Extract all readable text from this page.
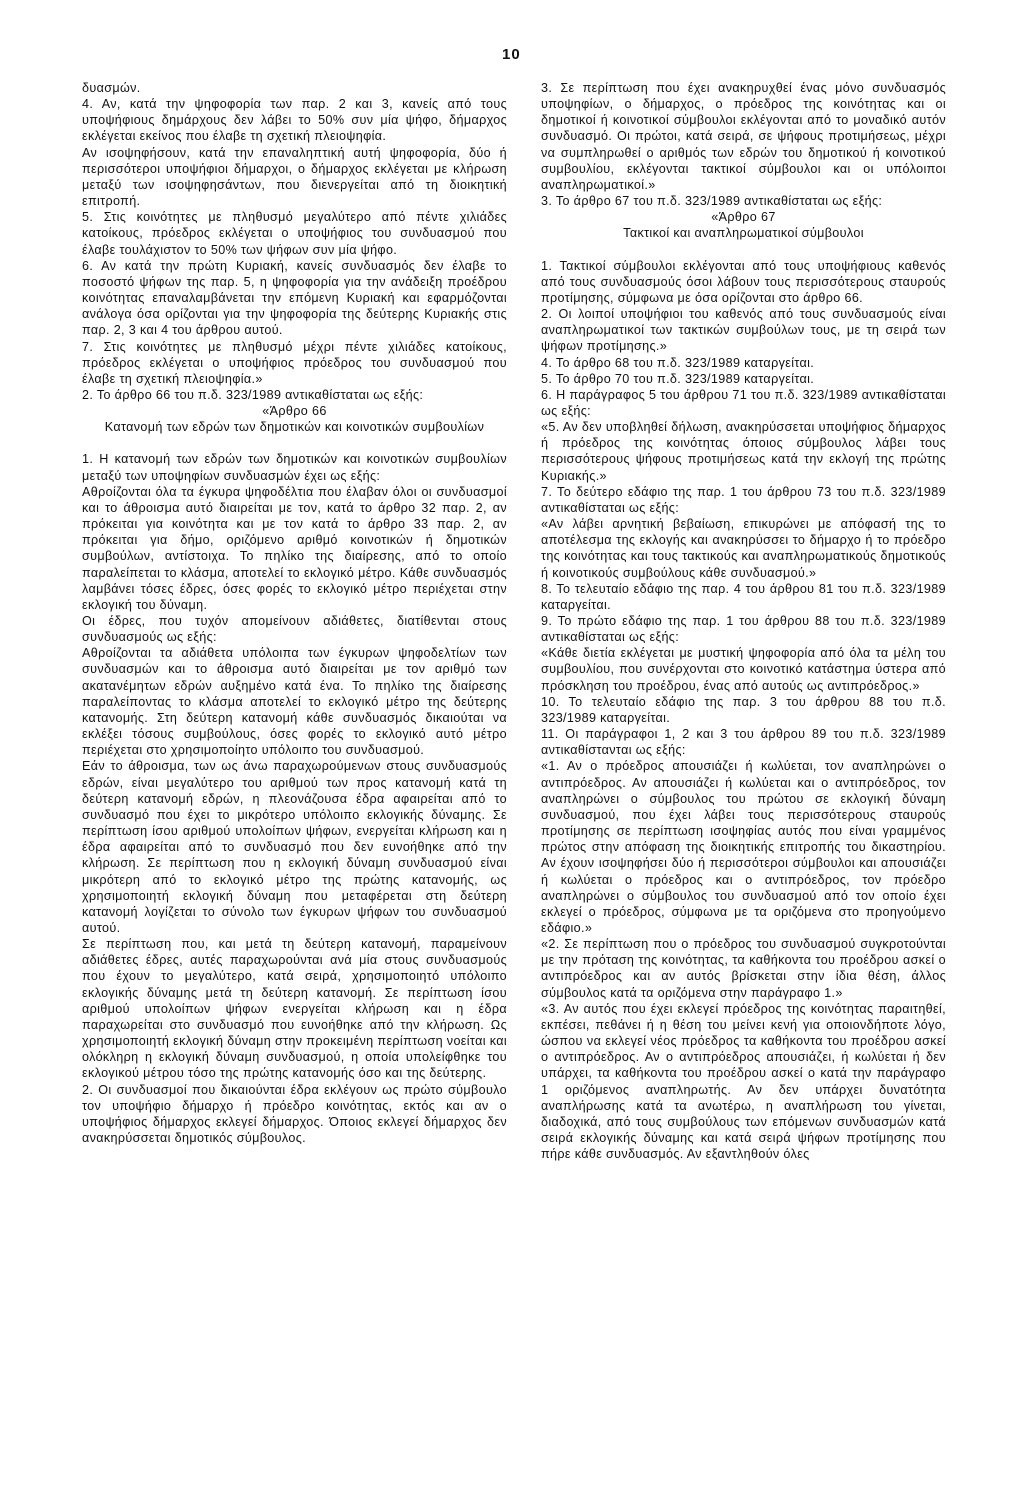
10

δυασμών.

4. Αν, κατά την ψηφοφορία των παρ. 2 και 3, κανείς από τους υποψήφιους δημάρχους δεν λάβει το 50% συν μία ψήφο, δήμαρχος εκλέγεται εκείνος που έλαβε τη σχετική πλειοψηφία.

Αν ισοψηφήσουν, κατά την επαναληπτική αυτή ψηφοφορία, δύο ή περισσότεροι υποψήφιοι δήμαρχοι, ο δήμαρχος εκλέγεται με κλήρωση μεταξύ των ισοψηφησάντων, που διενεργείται από τη διοικητική επιτροπή.

5. Στις κοινότητες με πληθυσμό μεγαλύτερο από πέντε χιλιάδες κατοίκους, πρόεδρος εκλέγεται ο υποψήφιος του συνδυασμού που έλαβε τουλάχιστον το 50% των ψήφων συν μία ψήφο.

6. Αν κατά την πρώτη Κυριακή, κανείς συνδυασμός δεν έλαβε το ποσοστό ψήφων της παρ. 5, η ψηφοφορία για την ανάδειξη προέδρου κοινότητας επαναλαμβάνεται την επόμενη Κυριακή και εφαρμόζονται ανάλογα όσα ορίζονται για την ψηφοφορία της δεύτερης Κυριακής στις παρ. 2, 3 και 4 του άρθρου αυτού.

7. Στις κοινότητες με πληθυσμό μέχρι πέντε χιλιάδες κατοίκους, πρόεδρος εκλέγεται ο υποψήφιος πρόεδρος του συνδυασμού που έλαβε τη σχετική πλειοψηφία.»

2. Το άρθρο 66 του π.δ. 323/1989 αντικαθίσταται ως εξής:

«Άρθρο 66

Κατανομή των εδρών των δημοτικών και κοινοτικών συμβουλίων

1. Η κατανομή των εδρών των δημοτικών και κοινοτικών συμβουλίων μεταξύ των υποψηφίων συνδυασμών έχει ως εξής:

Αθροίζονται όλα τα έγκυρα ψηφοδέλτια που έλαβαν όλοι οι συνδυασμοί και το άθροισμα αυτό διαιρείται με τον, κατά το άρθρο 32 παρ. 2, αν πρόκειται για κοινότητα και με τον κατά το άρθρο 33 παρ. 2, αν πρόκειται για δήμο, οριζόμενο αριθμό κοινοτικών ή δημοτικών συμβούλων, αντίστοιχα. Το πηλίκο της διαίρεσης, από το οποίο παραλείπεται το κλάσμα, αποτελεί το εκλογικό μέτρο. Κάθε συνδυασμός λαμβάνει τόσες έδρες, όσες φορές το εκλογικό μέτρο περιέχεται στην εκλογική του δύναμη.

Οι έδρες, που τυχόν απομείνουν αδιάθετες, διατίθενται στους συνδυασμούς ως εξής:

Αθροίζονται τα αδιάθετα υπόλοιπα των έγκυρων ψηφοδελτίων των συνδυασμών και το άθροισμα αυτό διαιρείται με τον αριθμό των ακατανέμητων εδρών αυξημένο κατά ένα. Το πηλίκο της διαίρεσης παραλείποντας το κλάσμα αποτελεί το εκλογικό μέτρο της δεύτερης κατανομής. Στη δεύτερη κατανομή κάθε συνδυασμός δικαιούται να εκλέξει τόσους συμβούλους, όσες φορές το εκλογικό αυτό μέτρο περιέχεται στο χρησιμοποίητο υπόλοιπο του συνδυασμού.

Εάν το άθροισμα, των ως άνω παραχωρούμενων στους συνδυασμούς εδρών, είναι μεγαλύτερο του αριθμού των προς κατανομή κατά τη δεύτερη κατανομή εδρών, η πλεονάζουσα έδρα αφαιρείται από το συνδυασμό που έχει το μικρότερο υπόλοιπο εκλογικής δύναμης. Σε περίπτωση ίσου αριθμού υπολοίπων ψήφων, ενεργείται κλήρωση και η έδρα αφαιρείται από το συνδυασμό που δεν ευνοήθηκε από την κλήρωση. Σε περίπτωση που η εκλογική δύναμη συνδυασμού είναι μικρότερη από το εκλογικό μέτρο της πρώτης κατανομής, ως χρησιμοποιητή εκλογική δύναμη που μεταφέρεται στη δεύτερη κατανομή λογίζεται το σύνολο των έγκυρων ψήφων του συνδυασμού αυτού.

Σε περίπτωση που, και μετά τη δεύτερη κατανομή, παραμείνουν αδιάθετες έδρες, αυτές παραχωρούνται ανά μία στους συνδυασμούς που έχουν το μεγαλύτερο, κατά σειρά, χρησιμοποιητό υπόλοιπο εκλογικής δύναμης μετά τη δεύτερη κατανομή. Σε περίπτωση ίσου αριθμού υπολοίπων ψήφων ενεργείται κλήρωση και η έδρα παραχωρείται στο συνδυασμό που ευνοήθηκε από την κλήρωση. Ως χρησιμοποιητή εκλογική δύναμη στην προκειμένη περίπτωση νοείται και ολόκληρη η εκλογική δύναμη συνδυασμού, η οποία υπολείφθηκε του εκλογικού μέτρου τόσο της πρώτης κατανομής όσο και της δεύτερης.

2. Οι συνδυασμοί που δικαιούνται έδρα εκλέγουν ως πρώτο σύμβουλο τον υποψήφιο δήμαρχο ή πρόεδρο κοινότητας, εκτός και αν ο υποψήφιος δήμαρχος εκλεγεί δήμαρχος. Όποιος εκλεγεί δήμαρχος δεν ανακηρύσσεται δημοτικός σύμβουλος.

3. Σε περίπτωση που έχει ανακηρυχθεί ένας μόνο συνδυασμός υποψηφίων, ο δήμαρχος, ο πρόεδρος της κοινότητας και οι δημοτικοί ή κοινοτικοί σύμβουλοι εκλέγονται από το μοναδικό αυτόν συνδυασμό. Οι πρώτοι, κατά σειρά, σε ψήφους προτιμήσεως, μέχρι να συμπληρωθεί ο αριθμός των εδρών του δημοτικού ή κοινοτικού συμβουλίου, εκλέγονται τακτικοί σύμβουλοι και οι υπόλοιποι αναπληρωματικοί.»

3. Το άρθρο 67 του π.δ. 323/1989 αντικαθίσταται ως εξής:

«Άρθρο 67

Τακτικοί και αναπληρωματικοί σύμβουλοι

1. Τακτικοί σύμβουλοι εκλέγονται από τους υποψήφιους καθενός από τους συνδυασμούς όσοι λάβουν τους περισσότερους σταυρούς προτίμησης, σύμφωνα με όσα ορίζονται στο άρθρο 66.

2. Οι λοιποί υποψήφιοι του καθενός από τους συνδυασμούς είναι αναπληρωματικοί των τακτικών συμβούλων τους, με τη σειρά των ψήφων προτίμησης.»

4. Το άρθρο 68 του π.δ. 323/1989 καταργείται.

5. Το άρθρο 70 του π.δ. 323/1989 καταργείται.

6. Η παράγραφος 5 του άρθρου 71 του π.δ. 323/1989 αντικαθίσταται ως εξής:

«5. Αν δεν υποβληθεί δήλωση, ανακηρύσσεται υποψήφιος δήμαρχος ή πρόεδρος της κοινότητας όποιος σύμβουλος λάβει τους περισσότερους ψήφους προτιμήσεως κατά την εκλογή της πρώτης Κυριακής.»

7. Το δεύτερο εδάφιο της παρ. 1 του άρθρου 73 του π.δ. 323/1989 αντικαθίσταται ως εξής:

«Αν λάβει αρνητική βεβαίωση, επικυρώνει με απόφασή της το αποτέλεσμα της εκλογής και ανακηρύσσει το δήμαρχο ή το πρόεδρο της κοινότητας και τους τακτικούς και αναπληρωματικούς δημοτικούς ή κοινοτικούς συμβούλους κάθε συνδυασμού.»

8. Το τελευταίο εδάφιο της παρ. 4 του άρθρου 81 του π.δ. 323/1989 καταργείται.

9. Το πρώτο εδάφιο της παρ. 1 του άρθρου 88 του π.δ. 323/1989 αντικαθίσταται ως εξής:

«Κάθε διετία εκλέγεται με μυστική ψηφοφορία από όλα τα μέλη του συμβουλίου, που συνέρχονται στο κοινοτικό κατάστημα ύστερα από πρόσκληση του προέδρου, ένας από αυτούς ως αντιπρόεδρος.»

10. Το τελευταίο εδάφιο της παρ. 3 του άρθρου 88 του π.δ. 323/1989 καταργείται.

11. Οι παράγραφοι 1, 2 και 3 του άρθρου 89 του π.δ. 323/1989 αντικαθίστανται ως εξής:

«1. Αν ο πρόεδρος απουσιάζει ή κωλύεται, τον αναπληρώνει ο αντιπρόεδρος. Αν απουσιάζει ή κωλύεται και ο αντιπρόεδρος, τον αναπληρώνει ο σύμβουλος του πρώτου σε εκλογική δύναμη συνδυασμού, που έχει λάβει τους περισσότερους σταυρούς προτίμησης σε περίπτωση ισοψηφίας αυτός που είναι γραμμένος πρώτος στην απόφαση της διοικητικής επιτροπής του δικαστηρίου. Αν έχουν ισοψηφήσει δύο ή περισσότεροι σύμβουλοι και απουσιάζει ή κωλύεται ο πρόεδρος και ο αντιπρόεδρος, τον πρόεδρο αναπληρώνει ο σύμβουλος του συνδυασμού από τον οποίο έχει εκλεγεί ο πρόεδρος, σύμφωνα με τα οριζόμενα στο προηγούμενο εδάφιο.»

«2. Σε περίπτωση που ο πρόεδρος του συνδυασμού συγκροτούνται με την πρόταση της κοινότητας, τα καθήκοντα του προέδρου ασκεί ο αντιπρόεδρος και αν αυτός βρίσκεται στην ίδια θέση, άλλος σύμβουλος κατά τα οριζόμενα στην παράγραφο 1.»

«3. Αν αυτός που έχει εκλεγεί πρόεδρος της κοινότητας παραιτηθεί, εκπέσει, πεθάνει ή η θέση του μείνει κενή για οποιονδήποτε λόγο, ώσπου να εκλεγεί νέος πρόεδρος τα καθήκοντα του προέδρου ασκεί ο αντιπρόεδρος. Αν ο αντιπρόεδρος απουσιάζει, ή κωλύεται ή δεν υπάρχει, τα καθήκοντα του προέδρου ασκεί ο κατά την παράγραφο 1 οριζόμενος αναπληρωτής. Αν δεν υπάρχει δυνατότητα αναπλήρωσης κατά τα ανωτέρω, η αναπλήρωση του γίνεται, διαδοχικά, από τους συμβούλους των επόμενων συνδυασμών κατά σειρά εκλογικής δύναμης και κατά σειρά ψήφων προτίμησης που πήρε κάθε συνδυασμός. Αν εξαντληθούν όλες
